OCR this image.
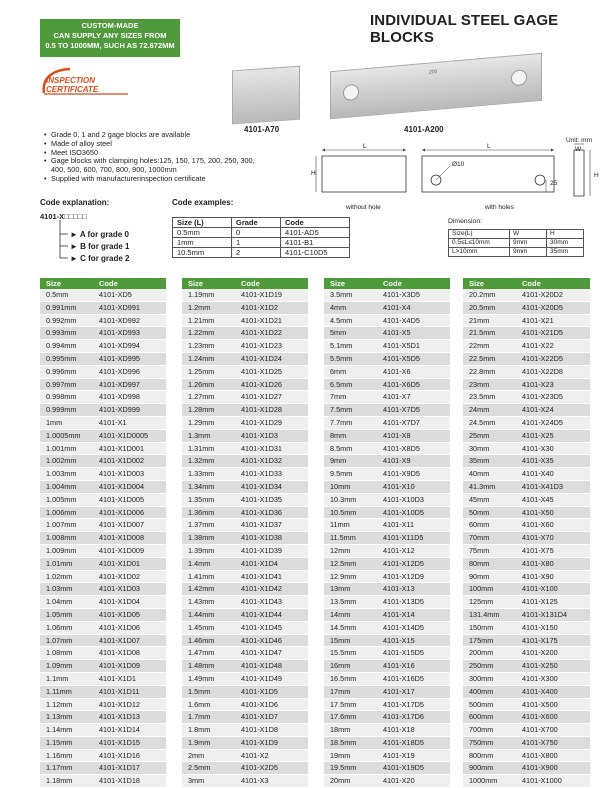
INDIVIDUAL STEEL GAGE BLOCKS
CUSTOM-MADE
CAN SUPPLY ANY SIZES FROM
0.5 TO 1000MM, SUCH AS 72.672MM
INSPECTION
CERTIFICATE
200
4101-A70	4101-A200
• Grade 0, 1 and 2 gage blocks are available
• Made of alloy steel
• Meet ISO3650
• Gage blocks with clamping holes:125, 150, 175, 200, 250, 300, 400, 500, 600, 700, 800, 900, 1000mm
• Supplied with manufacturerinspection certificate
Unit: mm
L
H
L
Ø10
25
W
H
without hole	with holes
Code explanation:
4101-X□□□□□
► A for grade 0
► B for grade 1
► C for grade 2
Code examples:
Size (L)	Grade	Code
0.5mm	0	4101-AD5
1mm	1	4101-B1
10.5mm	2	4101-C10D5
Dimension:
Size(L)	W	H
0.5≤L≤10mm	9mm	30mm
L>10mm	9mm	35mm
Size	Code
0.5mm	4101-XD5
0.991mm	4101-XD991
0.992mm	4101-XD992
0.993mm	4101-XD993
0.994mm	4101-XD994
0.995mm	4101-XD995
0.996mm	4101-XD996
0.997mm	4101-XD997
0.998mm	4101-XD998
0.999mm	4101-XD999
1mm	4101-X1
1.0005mm	4101-X1D0005
1.001mm	4101-X1D001
1.002mm	4101-X1D002
1.003mm	4101-X1D003
1.004mm	4101-X1D004
1.005mm	4101-X1D005
1.006mm	4101-X1D006
1.007mm	4101-X1D007
1.008mm	4101-X1D008
1.009mm	4101-X1D009
1.01mm	4101-X1D01
1.02mm	4101-X1D02
1.03mm	4101-X1D03
1.04mm	4101-X1D04
1.05mm	4101-X1D05
1.06mm	4101-X1D06
1.07mm	4101-X1D07
1.08mm	4101-X1D08
1.09mm	4101-X1D09
1.1mm	4101-X1D1
1.11mm	4101-X1D11
1.12mm	4101-X1D12
1.13mm	4101-X1D13
1.14mm	4101-X1D14
1.15mm	4101-X1D15
1.16mm	4101-X1D16
1.17mm	4101-X1D17
1.18mm	4101-X1D18
Size	Code
1.19mm	4101-X1D19
1.2mm	4101-X1D2
1.21mm	4101-X1D21
1.22mm	4101-X1D22
1.23mm	4101-X1D23
1.24mm	4101-X1D24
1.25mm	4101-X1D25
1.26mm	4101-X1D26
1.27mm	4101-X1D27
1.28mm	4101-X1D28
1.29mm	4101-X1D29
1.3mm	4101-X1D3
1.31mm	4101-X1D31
1.32mm	4101-X1D32
1.33mm	4101-X1D33
1.34mm	4101-X1D34
1.35mm	4101-X1D35
1.36mm	4101-X1D36
1.37mm	4101-X1D37
1.38mm	4101-X1D38
1.39mm	4101-X1D39
1.4mm	4101-X1D4
1.41mm	4101-X1D41
1.42mm	4101-X1D42
1.43mm	4101-X1D43
1.44mm	4101-X1D44
1.45mm	4101-X1D45
1.46mm	4101-X1D46
1.47mm	4101-X1D47
1.48mm	4101-X1D48
1.49mm	4101-X1D49
1.5mm	4101-X1D5
1.6mm	4101-X1D6
1.7mm	4101-X1D7
1.8mm	4101-X1D8
1.9mm	4101-X1D9
2mm	4101-X2
2.5mm	4101-X2D5
3mm	4101-X3
Size	Code
3.5mm	4101-X3D5
4mm	4101-X4
4.5mm	4101-X4D5
5mm	4101-X5
5.1mm	4101-X5D1
5.5mm	4101-X5D5
6mm	4101-X6
6.5mm	4101-X6D5
7mm	4101-X7
7.5mm	4101-X7D5
7.7mm	4101-X7D7
8mm	4101-X8
8.5mm	4101-X8D5
9mm	4101-X9
9.5mm	4101-X9D5
10mm	4101-X10
10.3mm	4101-X10D3
10.5mm	4101-X10D5
11mm	4101-X11
11.5mm	4101-X11D5
12mm	4101-X12
12.5mm	4101-X12D5
12.9mm	4101-X12D9
13mm	4101-X13
13.5mm	4101-X13D5
14mm	4101-X14
14.5mm	4101-X14D5
15mm	4101-X15
15.5mm	4101-X15D5
16mm	4101-X16
16.5mm	4101-X16D5
17mm	4101-X17
17.5mm	4101-X17D5
17.6mm	4101-X17D6
18mm	4101-X18
18.5mm	4101-X18D5
19mm	4101-X19
19.5mm	4101-X19D5
20mm	4101-X20
Size	Code
20.2mm	4101-X20D2
20.5mm	4101-X20D5
21mm	4101-X21
21.5mm	4101-X21D5
22mm	4101-X22
22.5mm	4101-X22D5
22.8mm	4101-X22D8
23mm	4101-X23
23.5mm	4101-X23D5
24mm	4101-X24
24.5mm	4101-X24D5
25mm	4101-X25
30mm	4101-X30
35mm	4101-X35
40mm	4101-X40
41.3mm	4101-X41D3
45mm	4101-X45
50mm	4101-X50
60mm	4101-X60
70mm	4101-X70
75mm	4101-X75
80mm	4101-X80
90mm	4101-X90
100mm	4101-X100
125mm	4101-X125
131.4mm	4101-X131D4
150mm	4101-X150
175mm	4101-X175
200mm	4101-X200
250mm	4101-X250
300mm	4101-X300
400mm	4101-X400
500mm	4101-X500
600mm	4101-X600
700mm	4101-X700
750mm	4101-X750
800mm	4101-X800
900mm	4101-X900
1000mm	4101-X1000
